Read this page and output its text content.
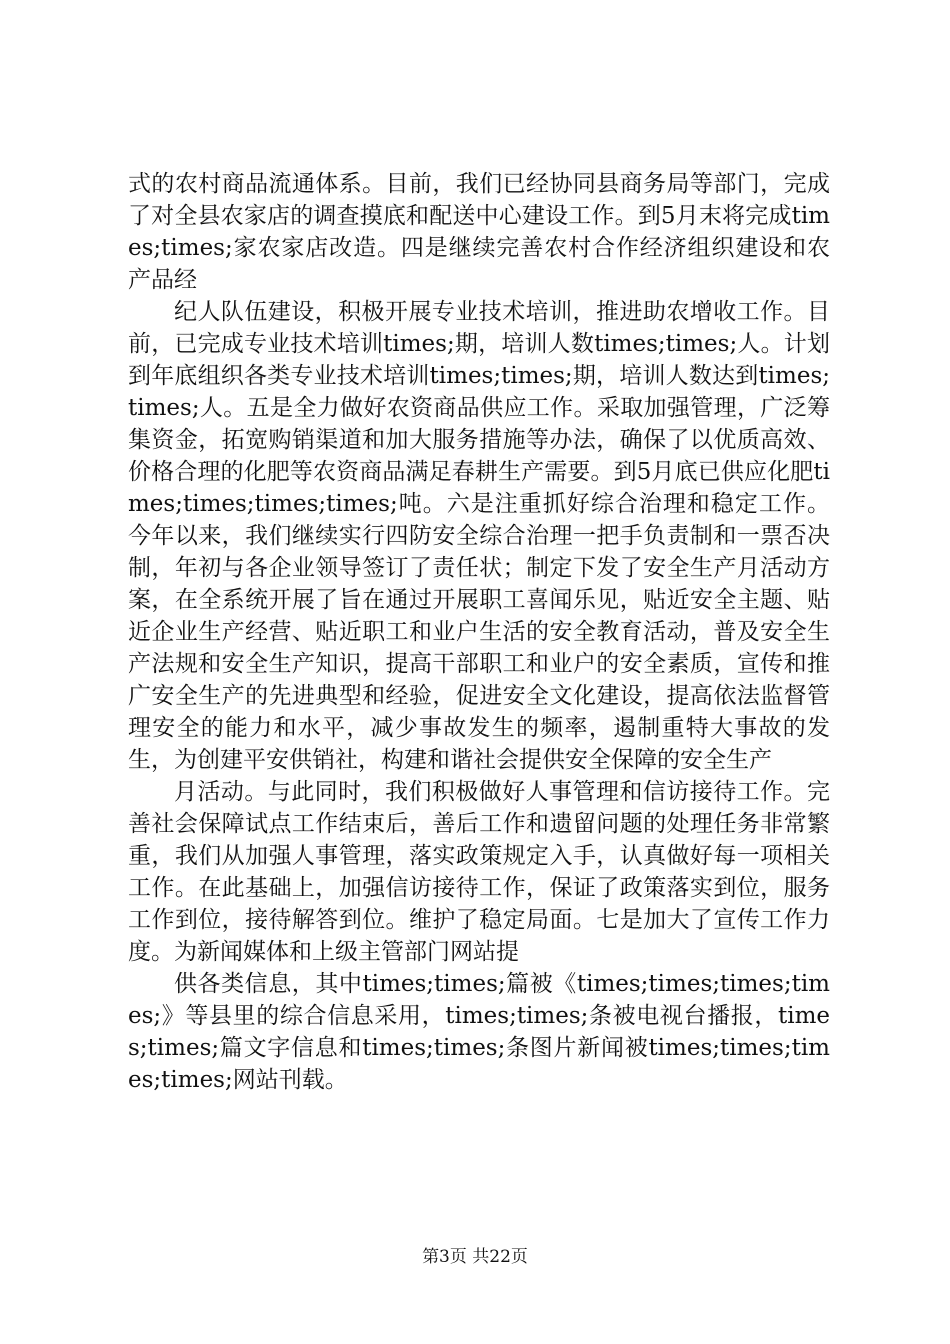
式的农村商品流通体系。目前，我们已经协同县商务局等部门，完成了对全县农家店的调查摸底和配送中心建设工作。到5月末将完成times;times;家农家店改造。四是继续完善农村合作经济组织建设和农产品经

纪人队伍建设，积极开展专业技术培训，推进助农增收工作。目前，已完成专业技术培训times;期，培训人数times;times;人。计划到年底组织各类专业技术培训times;times;期，培训人数达到times;times;人。五是全力做好农资商品供应工作。采取加强管理，广泛筹集资金，拓宽购销渠道和加大服务措施等办法，确保了以优质高效、价格合理的化肥等农资商品满足春耕生产需要。到5月底已供应化肥times;times;times;times;吨。六是注重抓好综合治理和稳定工作。今年以来，我们继续实行四防安全综合治理一把手负责制和一票否决制，年初与各企业领导签订了责任状；制定下发了安全生产月活动方案，在全系统开展了旨在通过开展职工喜闻乐见，贴近安全主题、贴近企业生产经营、贴近职工和业户生活的安全教育活动，普及安全生产法规和安全生产知识，提高干部职工和业户的安全素质，宣传和推广安全生产的先进典型和经验，促进安全文化建设，提高依法监督管理安全的能力和水平，减少事故发生的频率，遏制重特大事故的发生，为创建平安供销社，构建和谐社会提供安全保障的安全生产

月活动。与此同时，我们积极做好人事管理和信访接待工作。完善社会保障试点工作结束后，善后工作和遗留问题的处理任务非常繁重，我们从加强人事管理，落实政策规定入手，认真做好每一项相关工作。在此基础上，加强信访接待工作，保证了政策落实到位，服务工作到位，接待解答到位。维护了稳定局面。七是加大了宣传工作力度。为新闻媒体和上级主管部门网站提

供各类信息，其中times;times;篇被《times;times;times;times;》等县里的综合信息采用，times;times;条被电视台播报，times;times;篇文字信息和times;times;条图片新闻被times;times;times;times;网站刊载。

第3页 共22页
